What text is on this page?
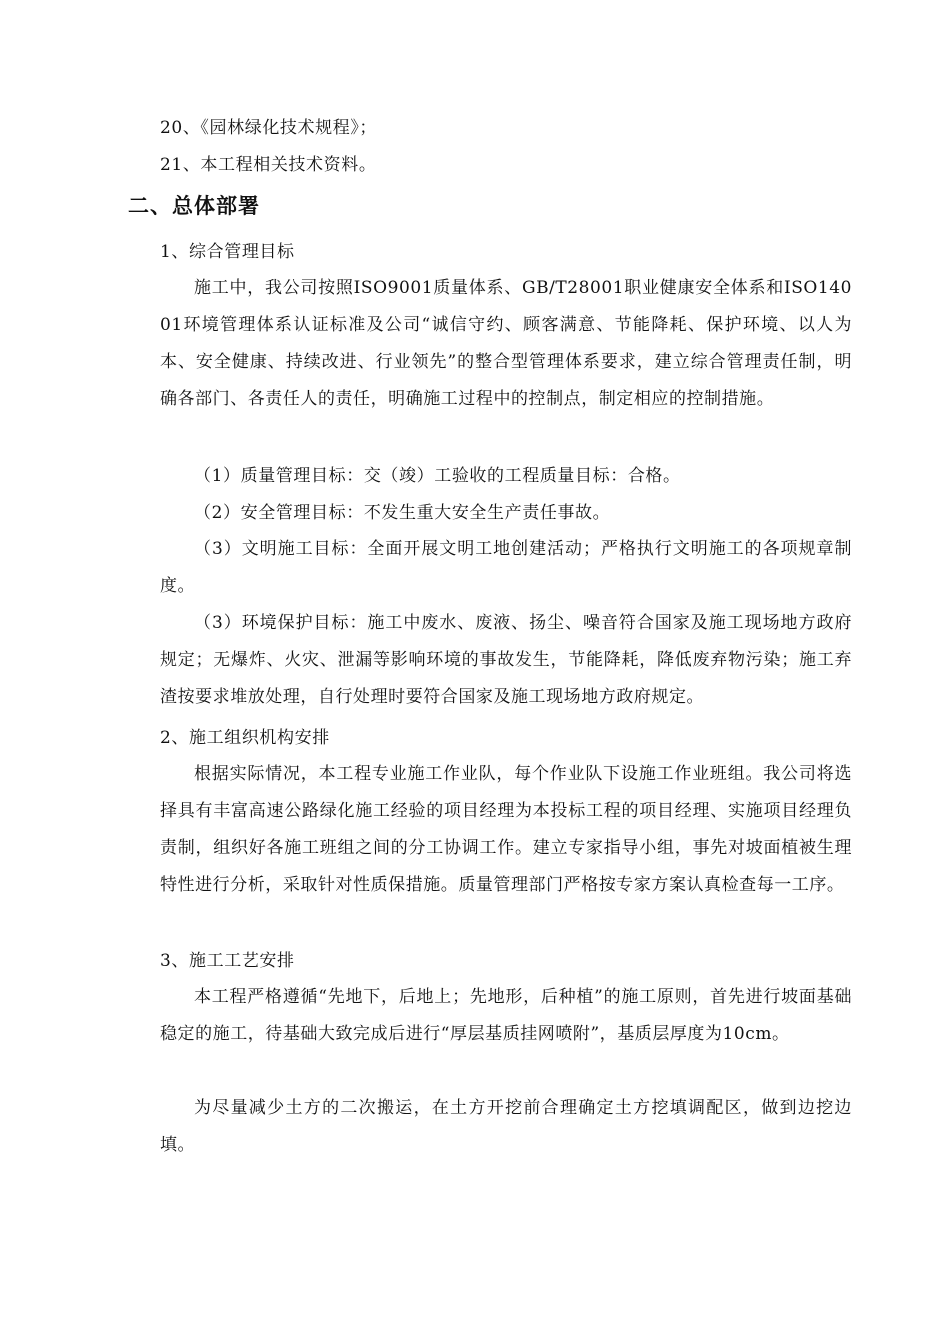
20、《园林绿化技术规程》；
21、本工程相关技术资料。
二、总体部署
1、综合管理目标
施工中，我公司按照ISO9001质量体系、GB/T28001职业健康安全体系和ISO14001环境管理体系认证标准及公司“诚信守约、顾客满意、节能降耗、保护环境、以人为本、安全健康、持续改进、行业领先”的整合型管理体系要求，建立综合管理责任制，明确各部门、各责任人的责任，明确施工过程中的控制点，制定相应的控制措施。
（1）质量管理目标：交（竣）工验收的工程质量目标：合格。
（2）安全管理目标：不发生重大安全生产责任事故。
（3）文明施工目标：全面开展文明工地创建活动；严格执行文明施工的各项规章制度。
（3）环境保护目标：施工中废水、废液、扬尘、噪音符合国家及施工现场地方政府规定；无爆炸、火灾、泄漏等影响环境的事故发生，节能降耗，降低废弃物污染；施工弃渣按要求堆放处理，自行处理时要符合国家及施工现场地方政府规定。
2、施工组织机构安排
根据实际情况，本工程专业施工作业队，每个作业队下设施工作业班组。我公司将选择具有丰富高速公路绿化施工经验的项目经理为本投标工程的项目经理、实施项目经理负责制，组织好各施工班组之间的分工协调工作。建立专家指导小组，事先对坡面植被生理特性进行分析，采取针对性质保措施。质量管理部门严格按专家方案认真检查每一工序。
3、施工工艺安排
本工程严格遵循“先地下，后地上；先地形，后种植”的施工原则，首先进行坡面基础稳定的施工，待基础大致完成后进行“厚层基质挂网喷附”，基质层厚度为10cm。
为尽量减少土方的二次搬运，在土方开挖前合理确定土方挖填调配区，做到边挖边填。
